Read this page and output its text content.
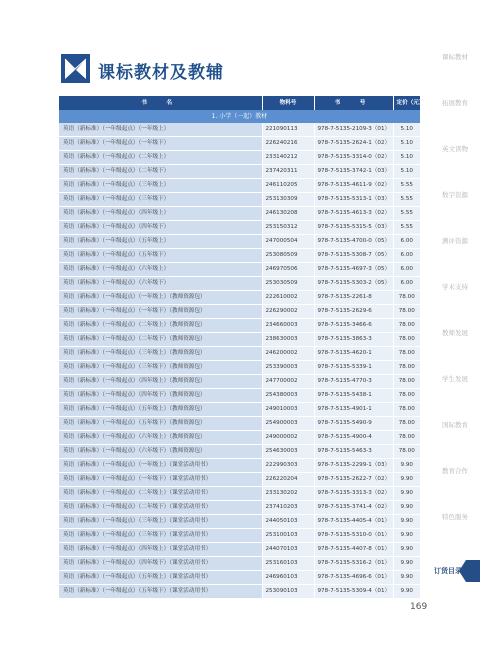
课标教材及教辅
书　名	物料号	书　号	定价（元）
1. 小学（一起）教材			
英语（新标准）（一年级起点）（一年级上）	221090113	978-7-5135-2109-3（01）	5.10
英语（新标准）（一年级起点）（一年级下）	226240216	978-7-5135-2624-1（02）	5.10
英语（新标准）（一年级起点）（二年级上）	233140212	978-7-5135-3314-0（02）	5.10
英语（新标准）（一年级起点）（二年级下）	237420311	978-7-5135-3742-1（03）	5.10
英语（新标准）（一年级起点）（三年级上）	246110205	978-7-5135-4611-9（02）	5.55
英语（新标准）（一年级起点）（三年级下）	253130309	978-7-5135-5313-1（03）	5.55
英语（新标准）（一年级起点）（四年级上）	246130208	978-7-5135-4613-3（02）	5.55
英语（新标准）（一年级起点）（四年级下）	253150312	978-7-5135-5315-5（03）	5.55
英语（新标准）（一年级起点）（五年级上）	247000504	978-7-5135-4700-0（05）	6.00
英语（新标准）（一年级起点）（五年级下）	253080509	978-7-5135-5308-7（05）	6.00
英语（新标准）（一年级起点）（六年级上）	246970506	978-7-5135-4697-3（05）	6.00
英语（新标准）（一年级起点）（六年级下）	253030509	978-7-5135-5303-2（05）	6.00
英语（新标准）（一年级起点）（一年级上）（教师资源包）	222610002	978-7-5135-2261-8	78.00
英语（新标准）（一年级起点）（一年级下）（教师资源包）	226290002	978-7-5135-2629-6	78.00
英语（新标准）（一年级起点）（二年级上）（教师资源包）	234660003	978-7-5135-3466-6	78.00
英语（新标准）（一年级起点）（二年级下）（教师资源包）	238630003	978-7-5135-3863-3	78.00
英语（新标准）（一年级起点）（三年级上）（教师资源包）	246200002	978-7-5135-4620-1	78.00
英语（新标准）（一年级起点）（三年级下）（教师资源包）	253390003	978-7-5135-5339-1	78.00
英语（新标准）（一年级起点）（四年级上）（教师资源包）	247700002	978-7-5135-4770-3	78.00
英语（新标准）（一年级起点）（四年级下）（教师资源包）	254380003	978-7-5135-5438-1	78.00
英语（新标准）（一年级起点）（五年级上）（教师资源包）	249010003	978-7-5135-4901-1	78.00
英语（新标准）（一年级起点）（五年级下）（教师资源包）	254900003	978-7-5135-5490-9	78.00
英语（新标准）（一年级起点）（六年级上）（教师资源包）	249000002	978-7-5135-4900-4	78.00
英语（新标准）（一年级起点）（六年级下）（教师资源包）	254630003	978-7-5135-5463-3	78.00
英语（新标准）（一年级起点）（一年级上）（课堂活动用书）	222990303	978-7-5135-2299-1（03）	9.90
英语（新标准）（一年级起点）（一年级下）（课堂活动用书）	226220204	978-7-5135-2622-7（02）	9.90
英语（新标准）（一年级起点）（二年级上）（课堂活动用书）	233130202	978-7-5135-3313-3（02）	9.90
英语（新标准）（一年级起点）（二年级下）（课堂活动用书）	237410203	978-7-5135-3741-4（02）	9.90
英语（新标准）（一年级起点）（三年级上）（课堂活动用书）	244050103	978-7-5135-4405-4（01）	9.90
英语（新标准）（一年级起点）（三年级下）（课堂活动用书）	253100103	978-7-5135-5310-0（01）	9.90
英语（新标准）（一年级起点）（四年级上）（课堂活动用书）	244070103	978-7-5135-4407-8（01）	9.90
英语（新标准）（一年级起点）（四年级下）（课堂活动用书）	253160103	978-7-5135-5316-2（01）	9.90
英语（新标准）（一年级起点）（五年级上）（课堂活动用书）	246960103	978-7-5135-4696-6（01）	9.90
英语（新标准）（一年级起点）（五年级下）（课堂活动用书）	253090103	978-7-5135-5309-4（01）	9.90
课标教材
拓展教育
英文读物
数字资源
测评资源
学术支持
教师发展
学生发展
国际教育
教育合作
特色服务
订货目录
169
